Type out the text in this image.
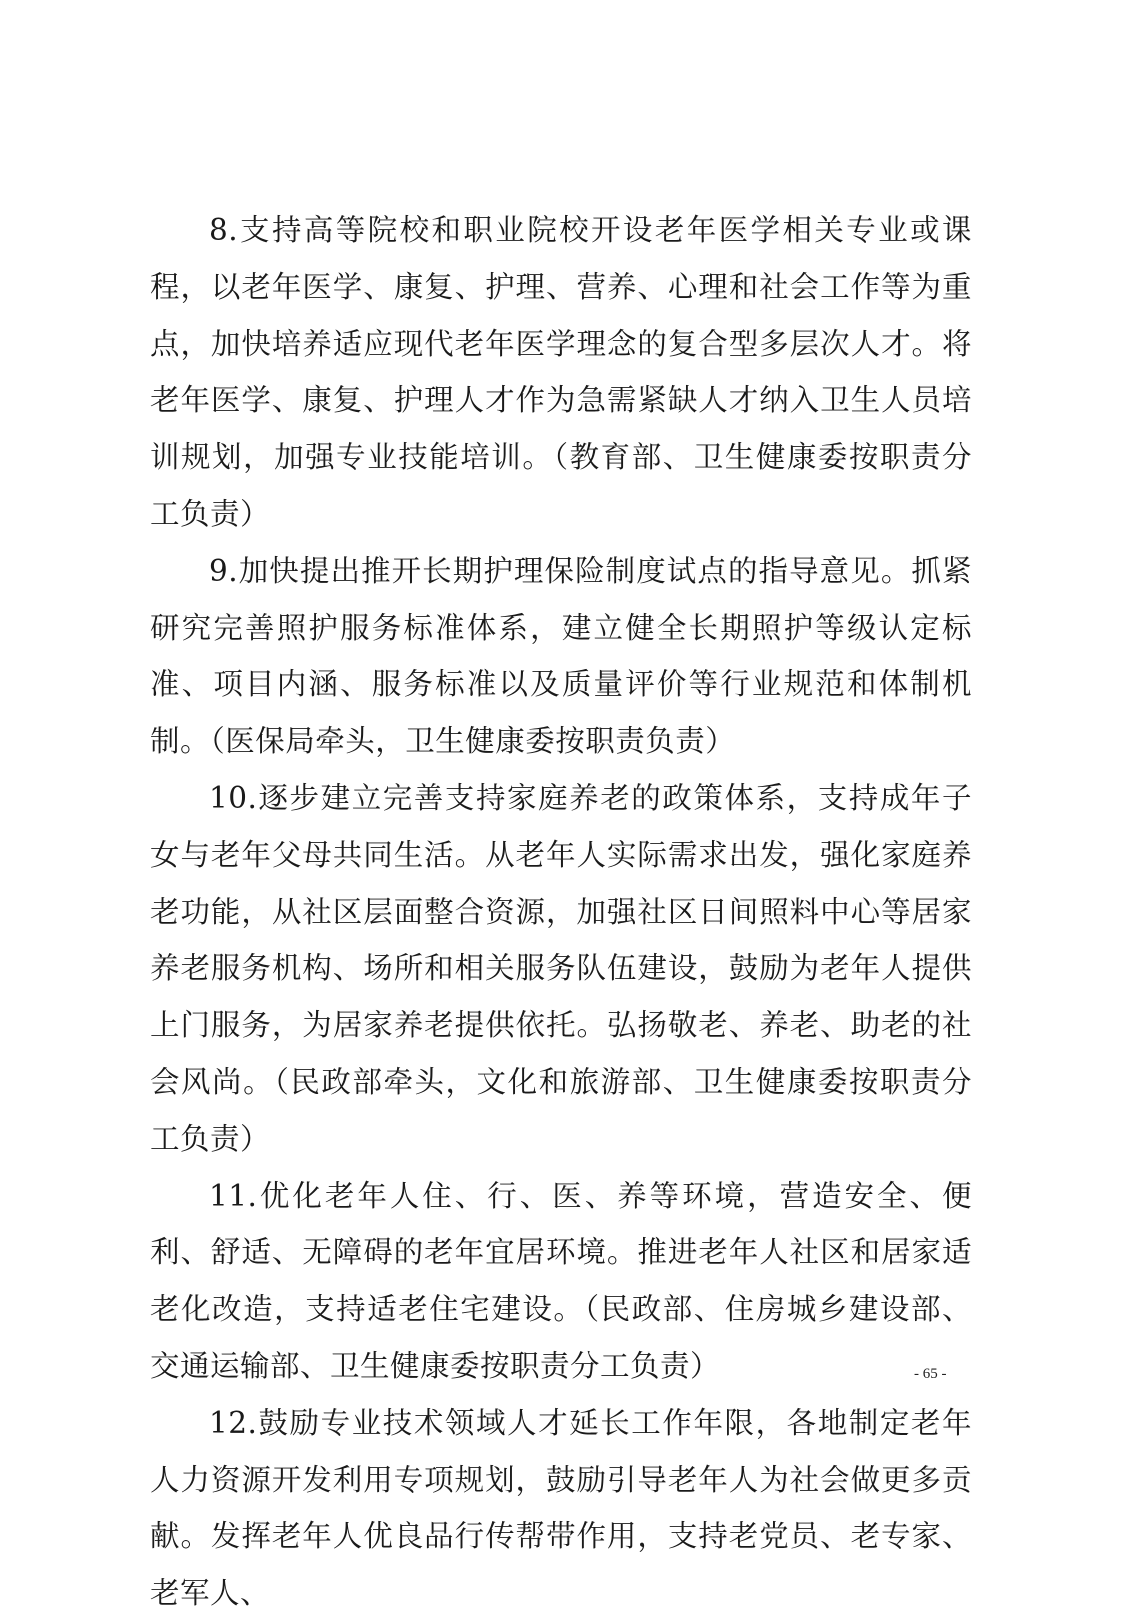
8.支持高等院校和职业院校开设老年医学相关专业或课程，以老年医学、康复、护理、营养、心理和社会工作等为重点，加快培养适应现代老年医学理念的复合型多层次人才。将老年医学、康复、护理人才作为急需紧缺人才纳入卫生人员培训规划，加强专业技能培训。（教育部、卫生健康委按职责分工负责）

9.加快提出推开长期护理保险制度试点的指导意见。抓紧研究完善照护服务标准体系，建立健全长期照护等级认定标准、项目内涵、服务标准以及质量评价等行业规范和体制机制。（医保局牵头，卫生健康委按职责负责）

10.逐步建立完善支持家庭养老的政策体系，支持成年子女与老年父母共同生活。从老年人实际需求出发，强化家庭养老功能，从社区层面整合资源，加强社区日间照料中心等居家养老服务机构、场所和相关服务队伍建设，鼓励为老年人提供上门服务，为居家养老提供依托。弘扬敬老、养老、助老的社会风尚。（民政部牵头，文化和旅游部、卫生健康委按职责分工负责）

11.优化老年人住、行、医、养等环境，营造安全、便利、舒适、无障碍的老年宜居环境。推进老年人社区和居家适老化改造，支持适老住宅建设。（民政部、住房城乡建设部、交通运输部、卫生健康委按职责分工负责）

12.鼓励专业技术领域人才延长工作年限，各地制定老年人力资源开发利用专项规划，鼓励引导老年人为社会做更多贡献。发挥老年人优良品行传帮带作用，支持老党员、老专家、老军人、

- 65 -
